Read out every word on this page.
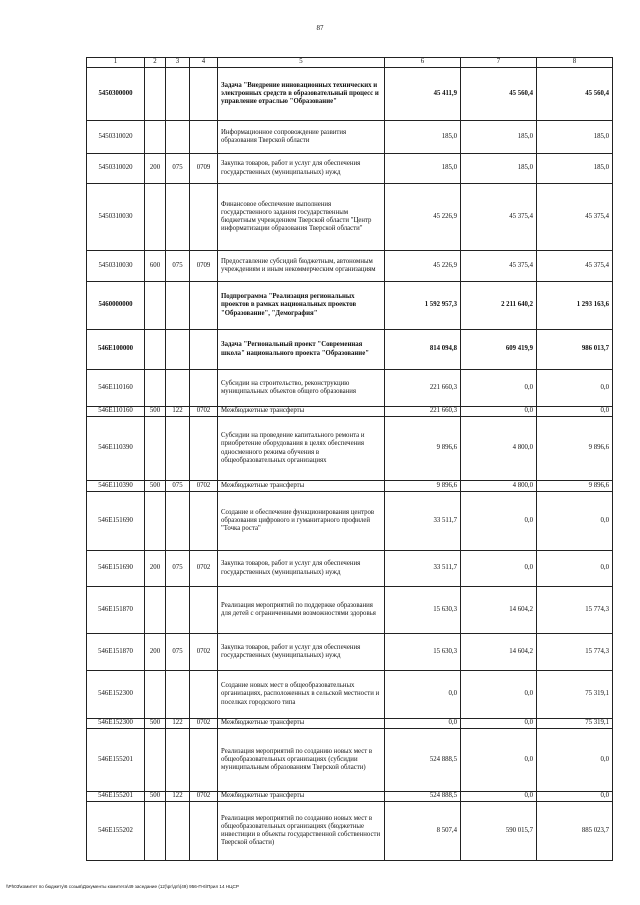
87
1	2	3	4	5	6	7	8
5450300000				Задача "Внедрение инновационных технических и электронных средств в образовательный процесс и управление отраслью "Образование"	45 411,9	45 560,4	45 560,4
5450310020				Информационное сопровождение развития образования Тверской области	185,0	185,0	185,0
5450310020	200	075	0709	Закупка товаров, работ и услуг для обеспечения государственных (муниципальных) нужд	185,0	185,0	185,0
5450310030				Финансовое обеспечение выполнения государственного задания государственным бюджетным учреждением Тверской области "Центр информатизации образования Тверской области"	45 226,9	45 375,4	45 375,4
5450310030	600	075	0709	Предоставление субсидий бюджетным, автономным учреждениям и иным некоммерческим организациям	45 226,9	45 375,4	45 375,4
5460000000				Подпрограмма "Реализация региональных проектов в рамках национальных проектов "Образование", "Демография"	1 592 957,3	2 211 640,2	1 293 163,6
546E100000				Задача "Региональный проект "Современная школа" национального проекта "Образование"	814 094,8	609 419,9	986 013,7
546E110160				Субсидии на строительство, реконструкцию муниципальных объектов общего образования	221 660,3	0,0	0,0
546E110160	500	122	0702	Межбюджетные трансферты	221 660,3	0,0	0,0
546E110390				Субсидии на проведение капитального ремонта и приобретение оборудования в целях обеспечения односменного режима обучения в общеобразовательных организациях	9 896,6	4 800,0	9 896,6
546E110390	500	075	0702	Межбюджетные трансферты	9 896,6	4 800,0	9 896,6
546E151690				Создание и обеспечение функционирования центров образования цифрового и гуманитарного профилей "Точка роста"	33 511,7	0,0	0,0
546E151690	200	075	0702	Закупка товаров, работ и услуг для обеспечения государственных (муниципальных) нужд	33 511,7	0,0	0,0
546E151870				Реализация мероприятий по поддержке образования для детей с ограниченными возможностями здоровья	15 630,3	14 604,2	15 774,3
546E151870	200	075	0702	Закупка товаров, работ и услуг для обеспечения государственных (муниципальных) нужд	15 630,3	14 604,2	15 774,3
546E152300				Создание новых мест в общеобразовательных организациях, расположенных в сельской местности и поселках городского типа	0,0	0,0	75 319,1
546E152300	500	122	0702	Межбюджетные трансферты	0,0	0,0	75 319,1
546E155201				Реализация мероприятий по созданию новых мест в общеобразовательных организациях (субсидии муниципальным образованиям Тверской области)	524 888,5	0,0	0,0
546E155201	500	122	0702	Межбюджетные трансферты	524 888,5	0,0	0,0
546E155202				Реализация мероприятий по созданию новых мест в общеобразовательных организациях (бюджетные инвестиции в объекты государственной собственности Тверской области)	8 507,4	590 015,7	885 023,7
\\Ph03\комитет по бюджету\6 созыв\Документы комитета\49 заседание (12)\рг\дп\(49) 956-П-6\Прил 14 НЦСР
